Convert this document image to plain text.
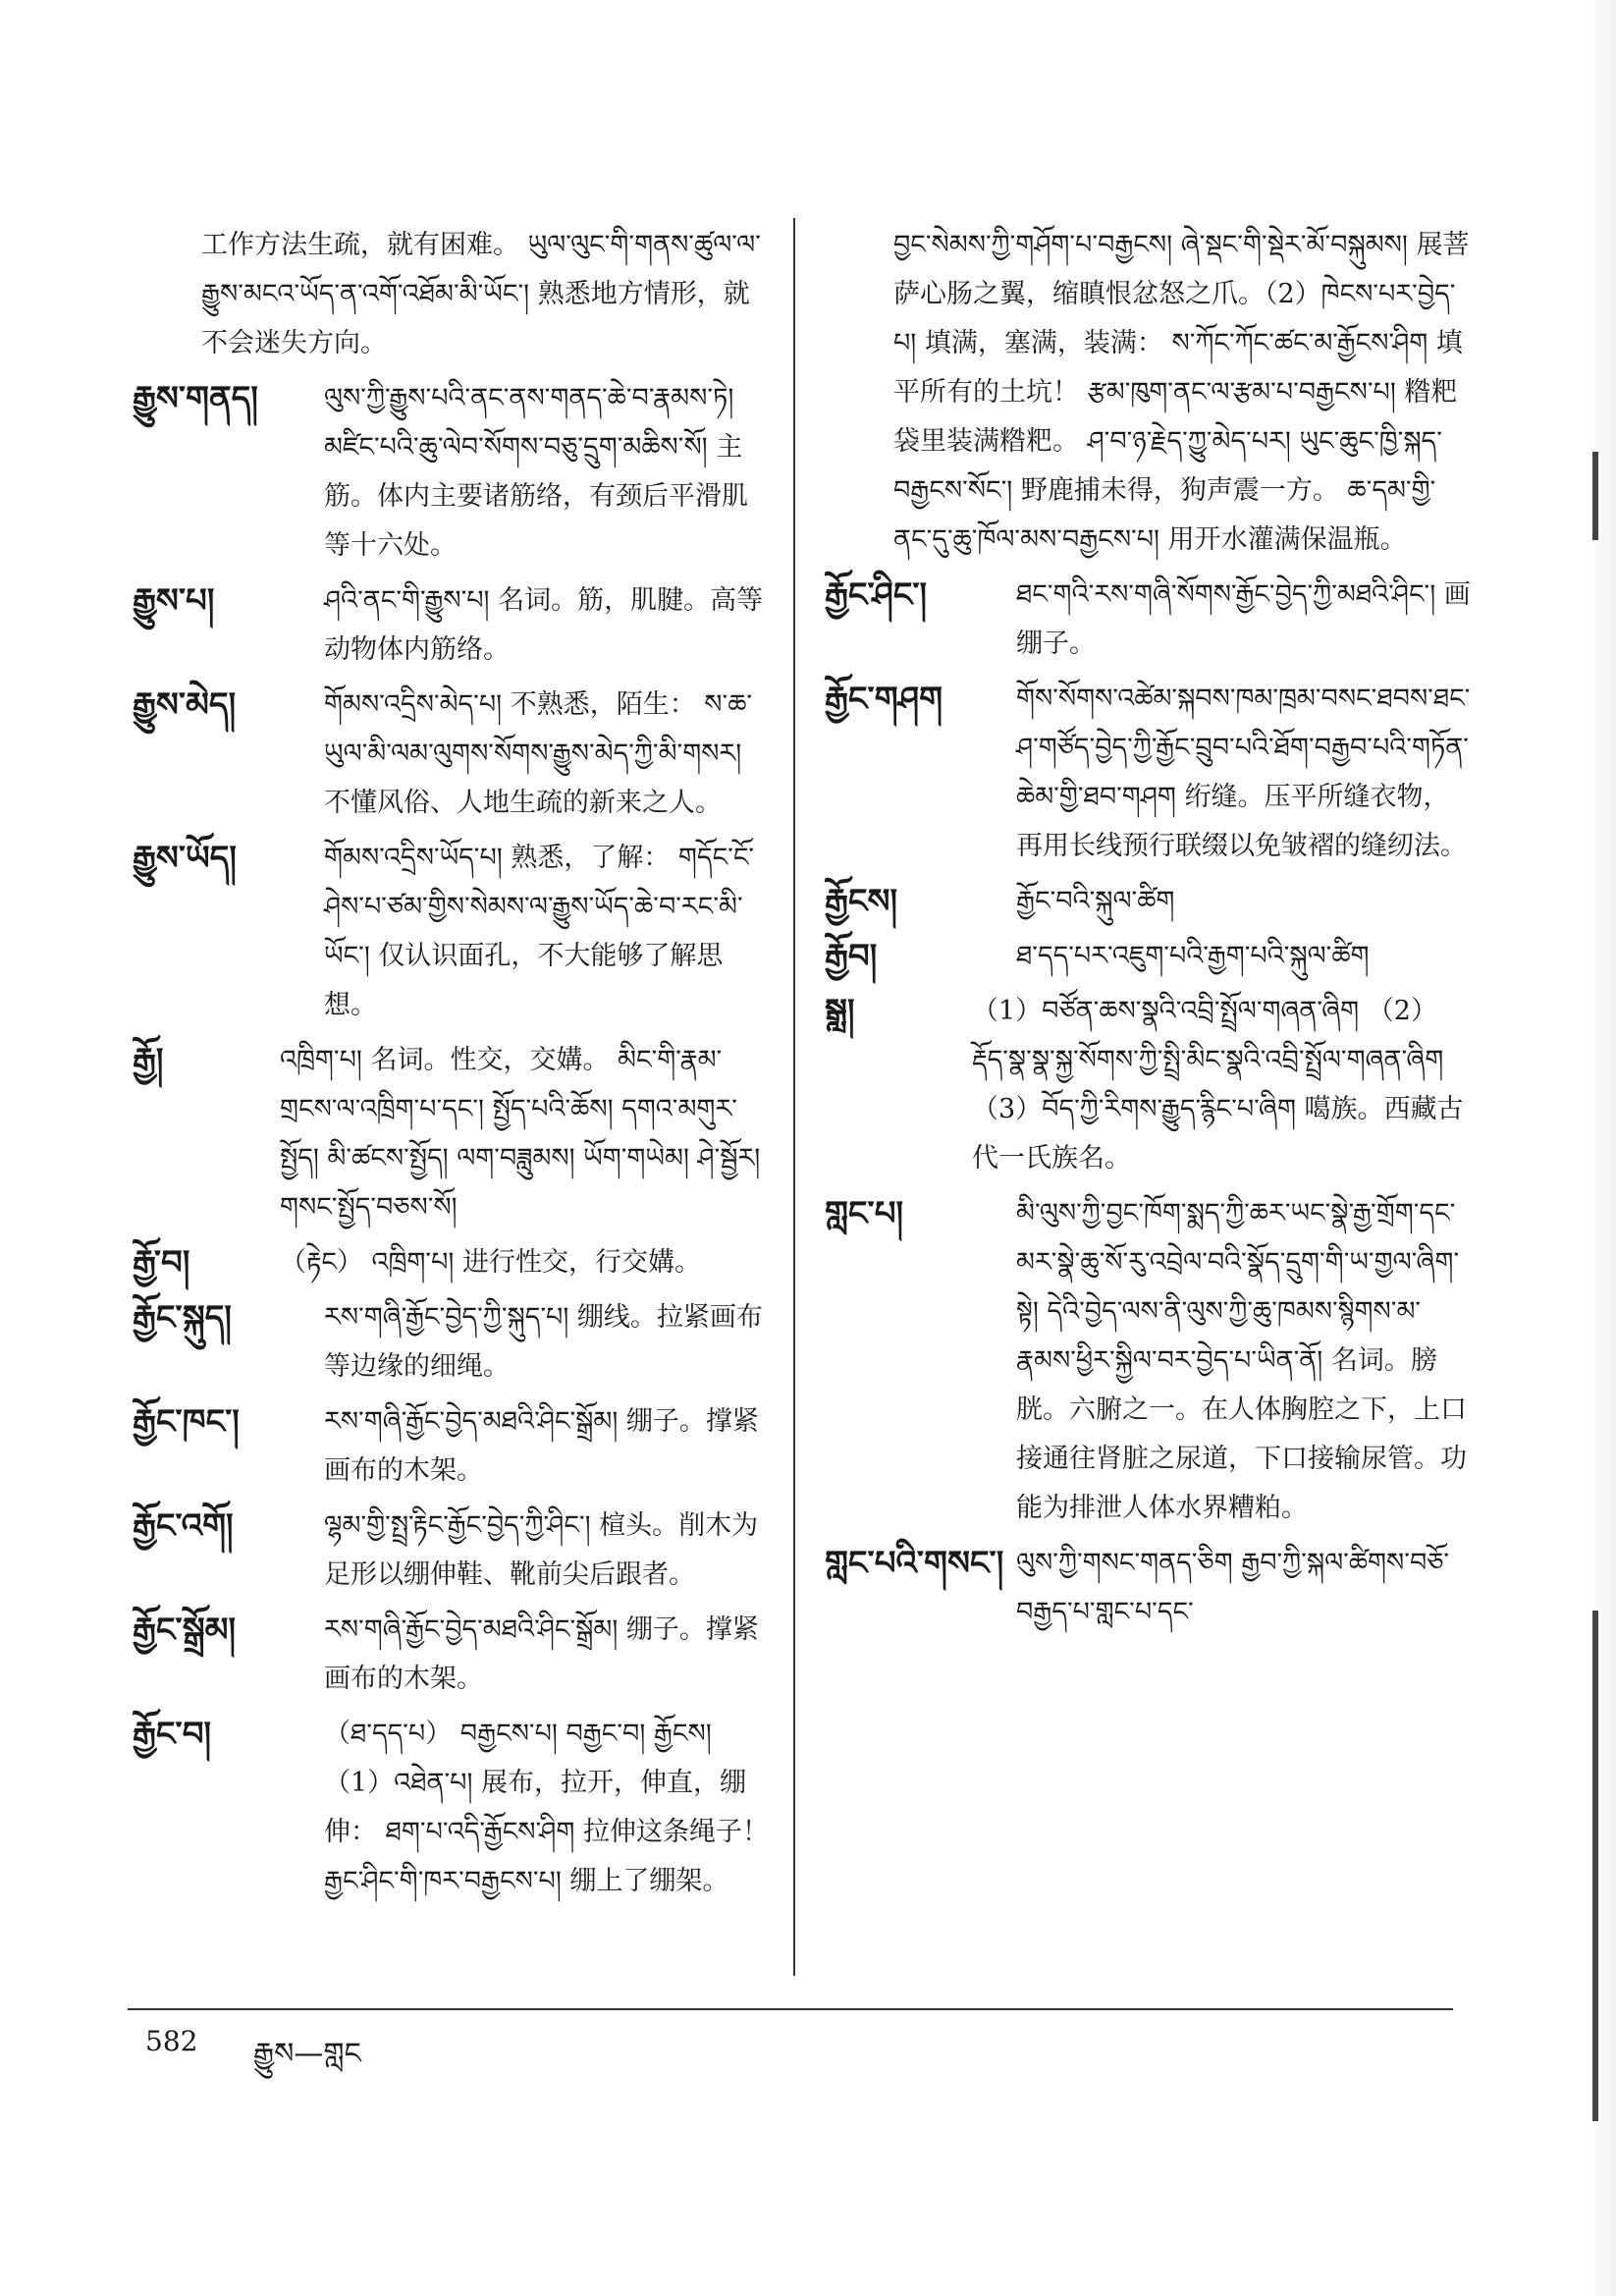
工作方法生疏，就有困难。 ཡུལ་ལུང་གི་གནས་ཚུལ་ལ་རྒྱུས་མངའ་ཡོད་ན་འགོ་འཐོམ་མི་ཡོང་། 熟悉地方情形，就不会迷失方向。
རྒྱུས་གནད།	ལུས་ཀྱི་རྒྱུས་པའི་ནང་ནས་གནད་ཆེ་བ་རྣམས་ཏེ། མཛིང་པའི་ཆུ་ལེབ་སོགས་བཅུ་དྲུག་མཆིས་སོ། 主筋。体内主要诸筋络，有颈后平滑肌等十六处。
རྒྱུས་པ།	ཤའི་ནང་གི་རྒྱུས་པ། 名词。筋，肌腱。高等动物体内筋络。
རྒྱུས་མེད།	གོམས་འདྲིས་མེད་པ། 不熟悉，陌生： ས་ཆ་ཡུལ་མི་ལམ་ལུགས་སོགས་རྒྱུས་མེད་ཀྱི་མི་གསར། 不懂风俗、人地生疏的新来之人。
རྒྱུས་ཡོད།	གོམས་འདྲིས་ཡོད་པ། 熟悉，了解： གདོང་ངོ་ཤེས་པ་ཙམ་གྱིས་སེམས་ལ་རྒྱུས་ཡོད་ཆེ་བ་རང་མི་ཡོང་། 仅认识面孔，不大能够了解思想。
རྒྱོ།	འཁྲིག་པ། 名词。性交，交媾。 མིང་གི་རྣམ་གྲངས་ལ་འཁྲིག་པ་དང་། སྤྱོད་པའི་ཆོས། དགའ་མགུར་སྤྱོད། མི་ཚངས་སྤྱོད། ལག་བཟླུམས། ཡོག་གཡེམ། ཤེ་སྦྱོར། གསང་སྤྱོད་བཅས་སོ།
རྒྱོ་བ།	（རྟེང） འཁྲིག་པ། 进行性交，行交媾。
རྒྱོང་སྐུད།	རས་གཞི་རྒྱོང་བྱེད་ཀྱི་སྐུད་པ། 绷线。拉紧画布等边缘的细绳。
རྒྱོང་ཁང་།	རས་གཞི་རྒྱོང་བྱེད་མཐའི་ཤིང་སྒྲོམ། 绷子。撑紧画布的木架。
རྒྱོང་འགོ།	ལྷམ་གྱི་སྤྲ་རྟིང་རྒྱོང་བྱེད་ཀྱི་ཤིང་། 楦头。削木为足形以绷伸鞋、靴前尖后跟者。
རྒྱོང་སྒྲོམ།	རས་གཞི་རྒྱོང་བྱེད་མཐའི་ཤིང་སྒྲོམ། 绷子。撑紧画布的木架。
རྒྱོང་བ།	（ཐ་དད་པ） བརྒྱངས་པ། བརྒྱང་བ། རྒྱོངས། （1）འཐེན་པ། 展布，拉开，伸直，绷伸： ཐག་པ་འདི་རྒྱོངས་ཤིག 拉伸这条绳子！ རྒྱང་ཤིང་གི་ཁར་བརྒྱངས་པ། 绷上了绷架。
བྱང་སེམས་ཀྱི་གཤོག་པ་བརྒྱངས། ཞེ་སྡང་གི་སྡེར་མོ་བསྐུམས། 展菩萨心肠之翼，缩瞋恨忿怒之爪。（2）ཁེངས་པར་བྱེད་པ། 填满，塞满，装满： ས་ཀོང་ཀོང་ཚང་མ་རྒྱོངས་ཤིག 填平所有的土坑！ རྩམ་ཁུག་ནང་ལ་རྩམ་པ་བརྒྱངས་པ། 糌粑袋里装满糌粑。 ཤ་བ་ཉ་རྗེད་ཀྱུ་མེད་པར། ཡུང་ཆུང་ཁྱི་སྐད་བརྒྱངས་སོང་། 野鹿捕未得，狗声震一方。 ཆ་དམ་གྱི་ནང་དུ་ཆུ་ཁོལ་མས་བརྒྱངས་པ། 用开水灌满保温瓶。
རྒྱོང་ཤིང་།	ཐང་གའི་རས་གཞི་སོགས་རྒྱོང་བྱེད་ཀྱི་མཐའི་ཤིང་། 画绷子。
རྒྱོང་གཤག	གོས་སོགས་འཚེམ་སྐབས་ཁམ་ཁྲམ་བསང་ཐབས་ཐང་ཤ་གཙོད་བྱེད་ཀྱི་རྒྱོང་བྲུབ་པའི་ཐོག་བརྒྱབ་པའི་གཏོན་ཆེམ་གྱི་ཐབ་གཤག 绗缝。压平所缝衣物，再用长线预行联缀以免皱褶的缝纫法。
རྒྱོངས།	རྒྱོང་བའི་སྐུལ་ཚིག
རྒྱོབ།	ཐ་དད་པར་འཇུག་པའི་རྒྱག་པའི་སྐུལ་ཚིག
སྒླ།	（1）བཙོན་ཆས་སྣའི་འབྲི་སྤྲོལ་གཞན་ཞིག （2）རྡོད་སྣ་སྣ་སྐྱ་སོགས་ཀྱི་སྤྲི་མིང་སྣའི་འབྲི་སྤྲོལ་གཞན་ཞིག （3）བོད་ཀྱི་རིགས་རྒྱུད་རྙིང་པ་ཞིག 噶族。西藏古代一氏族名。
གླང་པ།	མི་ལུས་ཀྱི་བྱང་ཁོག་སྨད་ཀྱི་ཆར་ཡང་སྣེ་རྒྱ་གྲོག་དང་མར་སྣེ་ཆུ་སོ་རུ་འབྲེལ་བའི་སྣོད་དྲུག་གི་ཡ་གྱལ་ཞིག་སྟེ། དེའི་བྱེད་ལས་ནི་ལུས་ཀྱི་ཆུ་ཁམས་སྙིགས་མ་རྣམས་ཕྱིར་སྐྱིལ་བར་བྱེད་པ་ཡིན་ནོ། 名词。膀胱。六腑之一。在人体胸腔之下，上口接通往肾脏之尿道，下口接输尿管。功能为排泄人体水界糟粕。
གླང་པའི་གསང་། ལུས་ཀྱི་གསང་གནད་ཅིག རྒྱབ་ཀྱི་སྐལ་ཚིགས་བཅོ་བརྒྱད་པ་གླང་པ་དང་
582 རྒྱུས—གླང
